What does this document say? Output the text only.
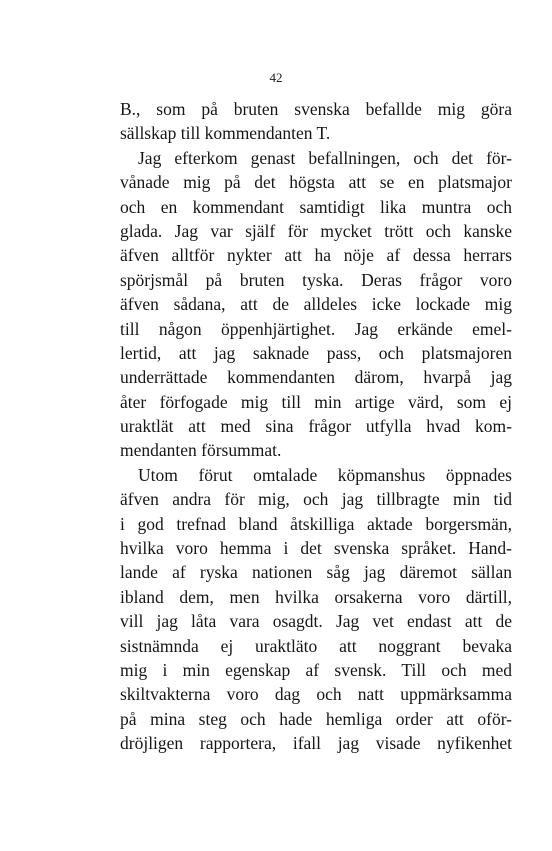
42
B., som på bruten svenska befallde mig göra
sällskap till kommendanten T.
Jag efterkom genast befallningen, och det för-
vånade mig på det högsta att se en platsmajor
och en kommendant samtidigt lika muntra och
glada. Jag var själf för mycket trött och kanske
äfven alltför nykter att ha nöje af dessa herrars
spörjsmål på bruten tyska. Deras frågor voro
äfven sådana, att de alldeles icke lockade mig
till någon öppenhjärtighet. Jag erkände emel-
lertid, att jag saknade pass, och platsmajoren
underrättade kommendanten därom, hvarpå jag
åter förfogade mig till min artige värd, som ej
uraktlät att med sina frågor utfylla hvad kom-
mendanten försummat.
Utom förut omtalade köpmanshus öppnades
äfven andra för mig, och jag tillbragte min tid
i god trefnad bland åtskilliga aktade borgersmän,
hvilka voro hemma i det svenska språket. Hand-
lande af ryska nationen såg jag däremot sällan
ibland dem, men hvilka orsakerna voro därtill,
vill jag låta vara osagdt. Jag vet endast att de
sistnämnda ej uraktläto att noggrant bevaka
mig i min egenskap af svensk. Till och med
skiltvakterna voro dag och natt uppmärksamma
på mina steg och hade hemliga order att oför-
dröjligen rapportera, ifall jag visade nyfikenhet
